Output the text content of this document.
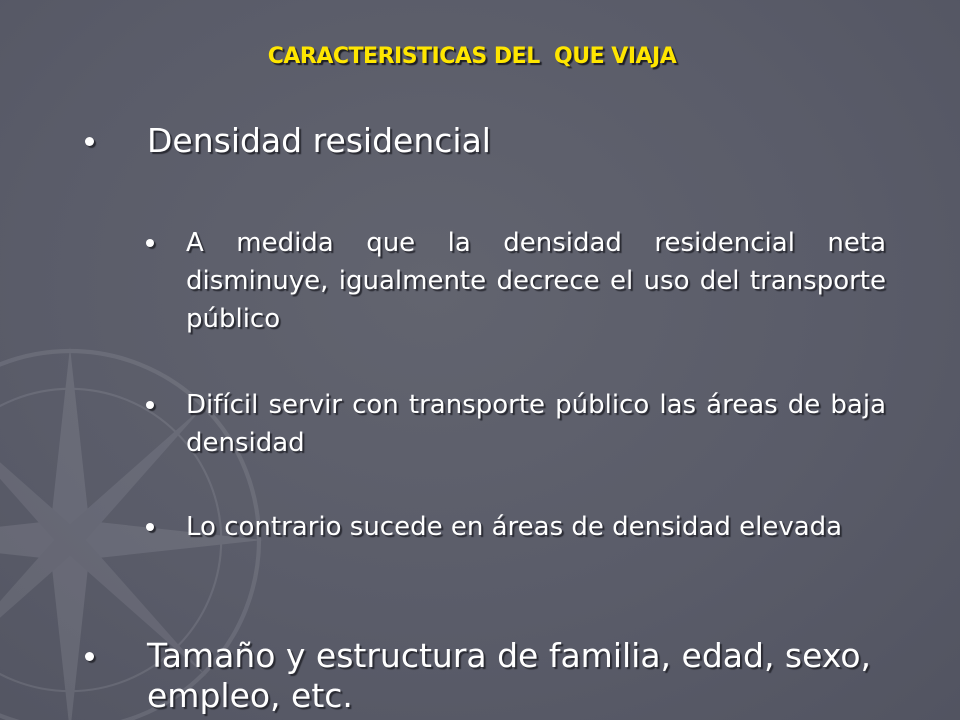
CARACTERISTICAS DEL  QUE VIAJA
Densidad residencial
A medida que la densidad residencial neta disminuye, igualmente decrece el uso del transporte público
Difícil servir con transporte público las áreas de baja densidad
Lo contrario sucede en áreas de densidad elevada
Tamaño y estructura de familia, edad, sexo, empleo, etc.
